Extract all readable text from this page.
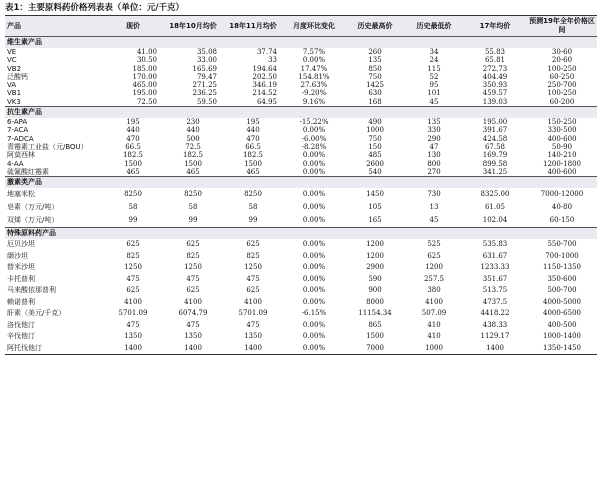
表1：主要原料药价格列表表（单位：元/千克）
产品	现价	18年10月均价	18年11月均价	月度环比变化	历史最高价	历史最低价	17年均价	预测19年全年价格区间
维生素产品								
VE	41.00	35.08	37.74	7.57%	260	34	55.83	30-60
VC	30.50	33.00	33	0.00%	135	24	65.81	20-60
VB2	185.00	165.69	194.64	17.47%	850	115	272.73	100-250
泛酸钙	170.00	79.47	202.50	154.81%	750	52	404.49	60-250
VA	465.00	271.25	346.19	27.63%	1425	95	350.93	250-700
VB1	195.00	236.25	214.52	-9.20%	630	101	459.57	100-250
VK3	72.50	59.50	64.95	9.16%	168	45	139.03	60-200
抗生素产品								
6-APA	195	230	195	-15.22%	490	135	195.00	150-250
7-ACA	440	440	440	0.00%	1000	330	391.67	330-500
7-ADCA	470	500	470	-6.00%	750	290	424.58	400-600
青霉素工业盐（元/BOU）	66.5	72.5	66.5	-8.28%	150	47	67.58	50-90
阿莫西林	182.5	182.5	182.5	0.00%	485	130	169.79	140-210
4-AA	1500	1500	1500	0.00%	2600	800	899.58	1200-1800
硫氰酸红霉素	465	465	465	0.00%	540	270	341.25	400-600
激素类产品								
地塞米松	8250	8250	8250	0.00%	1450	730	8325.00	7000-12000
皂素（万元/吨）	58	58	58	0.00%	105	13	61.05	40-80
双烯（万元/吨）	99	99	99	0.00%	165	45	102.04	60-150
特殊原料药产品								
厄贝沙坦	625	625	625	0.00%	1200	525	535.83	550-700
缬沙坦	825	825	825	0.00%	1200	625	631.67	700-1000
替米沙坦	1250	1250	1250	0.00%	2900	1200	1233.33	1150-1350
卡托普利	475	475	475	0.00%	590	257.5	351.67	350-600
马来酸依那普利	625	625	625	0.00%	900	380	513.75	500-700
赖诺普利	4100	4100	4100	0.00%	8000	4100	4737.5	4000-5000
肝素（美元/千克）	5701.09	6074.79	5701.09	-6.15%	11154.34	507.09	4418.22	4000-6500
洛伐他汀	475	475	475	0.00%	865	410	438.33	400-500
辛伐他汀	1350	1350	1350	0.00%	1500	410	1129.17	1000-1400
阿托伐他汀	1400	1400	1400	0.00%	7000	1000	1400	1350-1450
